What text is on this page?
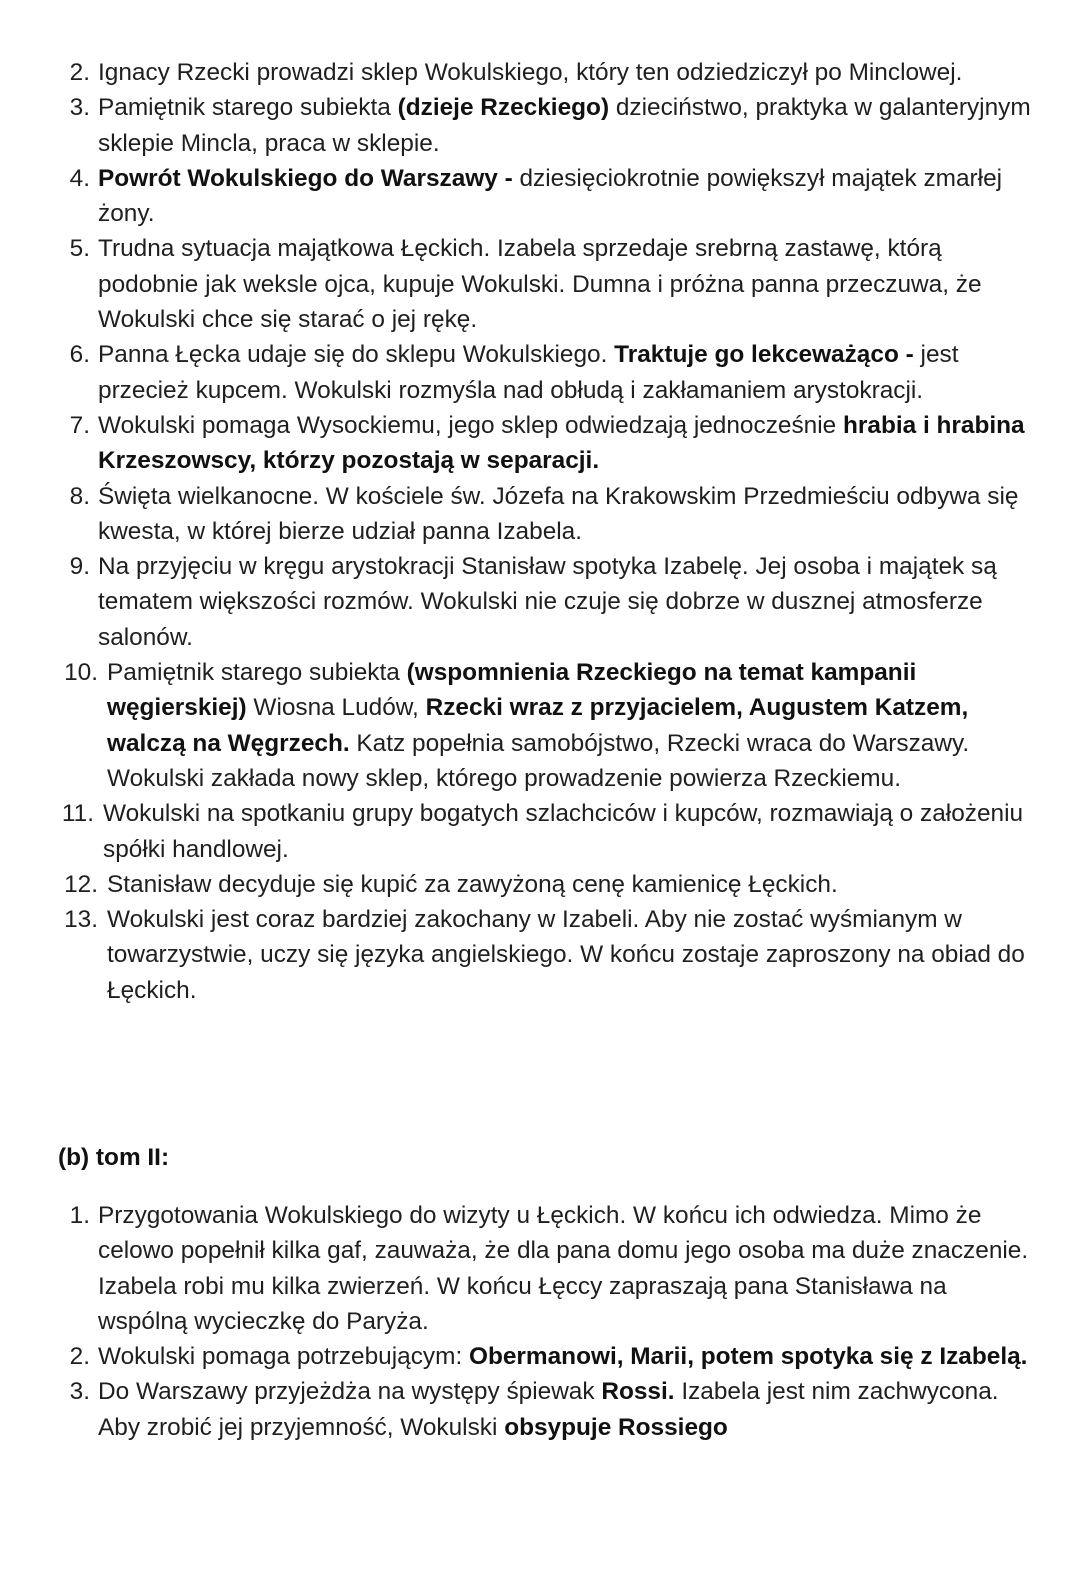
2. Ignacy Rzecki prowadzi sklep Wokulskiego, który ten odziedziczył po Minclowej.
3. Pamiętnik starego subiekta (dzieje Rzeckiego) dzieciństwo, praktyka w galanteryjnym sklepie Mincla, praca w sklepie.
4. Powrót Wokulskiego do Warszawy - dziesięciokrotnie powiększył majątek zmarłej żony.
5. Trudna sytuacja majątkowa Łęckich. Izabela sprzedaje srebrną zastawę, którą podobnie jak weksle ojca, kupuje Wokulski. Dumna i próżna panna przeczuwa, że Wokulski chce się starać o jej rękę.
6. Panna Łęcka udaje się do sklepu Wokulskiego. Traktuje go lekceważąco - jest przecież kupcem. Wokulski rozmyśla nad obłudą i zakłamaniem arystokracji.
7. Wokulski pomaga Wysockiemu, jego sklep odwiedzają jednocześnie hrabia i hrabina Krzeszowscy, którzy pozostają w separacji.
8. Święta wielkanocne. W kościele św. Józefa na Krakowskim Przedmieściu odbywa się kwesta, w której bierze udział panna Izabela.
9. Na przyjęciu w kręgu arystokracji Stanisław spotyka Izabelę. Jej osoba i majątek są tematem większości rozmów. Wokulski nie czuje się dobrze w dusznej atmosferze salonów.
10. Pamiętnik starego subiekta (wspomnienia Rzeckiego na temat kampanii węgierskiej) Wiosna Ludów, Rzecki wraz z przyjacielem, Augustem Katzem, walczą na Węgrzech. Katz popełnia samobójstwo, Rzecki wraca do Warszawy. Wokulski zakłada nowy sklep, którego prowadzenie powierza Rzeckiemu.
11. Wokulski na spotkaniu grupy bogatych szlachciców i kupców, rozmawiają o założeniu spółki handlowej.
12. Stanisław decyduje się kupić za zawyżoną cenę kamienicę Łęckich.
13. Wokulski jest coraz bardziej zakochany w Izabeli. Aby nie zostać wyśmianym w towarzystwie, uczy się języka angielskiego. W końcu zostaje zaproszony na obiad do Łęckich.
(b) tom II:
1. Przygotowania Wokulskiego do wizyty u Łęckich. W końcu ich odwiedza. Mimo że celowo popełnił kilka gaf, zauważa, że dla pana domu jego osoba ma duże znaczenie. Izabela robi mu kilka zwierzeń. W końcu Łęccy zapraszają pana Stanisława na wspólną wycieczkę do Paryża.
2. Wokulski pomaga potrzebującym: Obermanowi, Marii, potem spotyka się z Izabelą.
3. Do Warszawy przyjeżdża na występy śpiewak Rossi. Izabela jest nim zachwycona. Aby zrobić jej przyjemność, Wokulski obsypuje Rossiego
